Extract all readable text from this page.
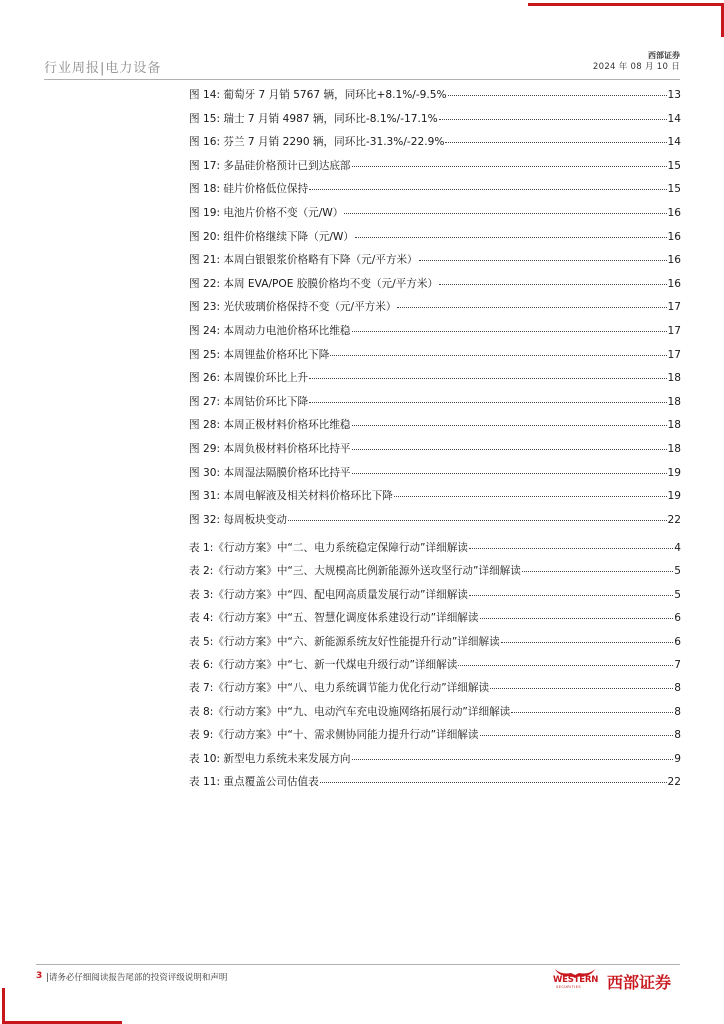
行业周报|电力设备
西部证券
2024 年 08 月 10 日
图 14: 葡萄牙 7 月销 5767 辆，同环比+8.1%/-9.5%	13
图 15: 瑞士 7 月销 4987 辆，同环比-8.1%/-17.1%	14
图 16: 芬兰 7 月销 2290 辆，同环比-31.3%/-22.9%	14
图 17: 多晶硅价格预计已到达底部	15
图 18: 硅片价格低位保持	15
图 19: 电池片价格不变（元/W）	16
图 20: 组件价格继续下降（元/W）	16
图 21: 本周白银银浆价格略有下降（元/平方米）	16
图 22: 本周 EVA/POE 胶膜价格均不变（元/平方米）	16
图 23: 光伏玻璃价格保持不变（元/平方米）	17
图 24: 本周动力电池价格环比维稳	17
图 25: 本周锂盐价格环比下降	17
图 26: 本周镍价环比上升	18
图 27: 本周钴价环比下降	18
图 28: 本周正极材料价格环比维稳	18
图 29: 本周负极材料价格环比持平	18
图 30: 本周湿法隔膜价格环比持平	19
图 31: 本周电解液及相关材料价格环比下降	19
图 32: 每周板块变动	22
表 1:《行动方案》中“二、电力系统稳定保障行动”详细解读	4
表 2:《行动方案》中“三、大规模高比例新能源外送攻坚行动”详细解读	5
表 3:《行动方案》中“四、配电网高质量发展行动”详细解读	5
表 4:《行动方案》中“五、智慧化调度体系建设行动”详细解读	6
表 5:《行动方案》中“六、新能源系统友好性能提升行动”详细解读	6
表 6:《行动方案》中“七、新一代煤电升级行动”详细解读	7
表 7:《行动方案》中“八、电力系统调节能力优化行动”详细解读	8
表 8:《行动方案》中“九、电动汽车充电设施网络拓展行动”详细解读	8
表 9:《行动方案》中“十、需求侧协同能力提升行动”详细解读	8
表 10: 新型电力系统未来发展方向	9
表 11: 重点覆盖公司估值表	22
3 |请务必仔细阅读报告尾部的投资评级说明和声明	WESTERN
SECURITIES 西部证券
